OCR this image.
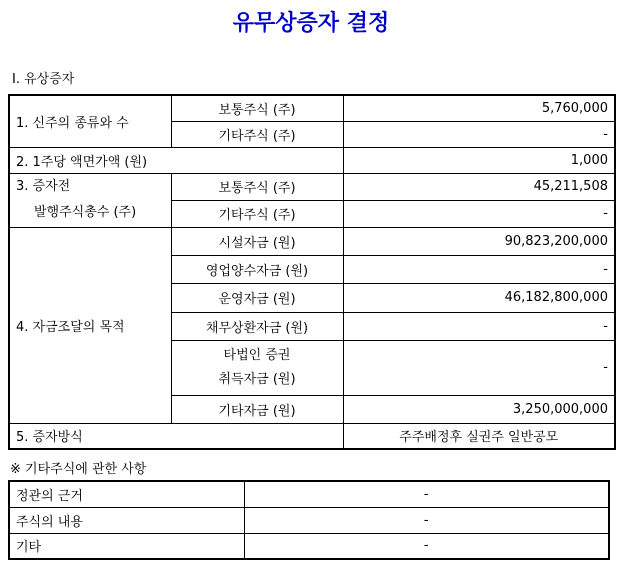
유무상증자 결정
Ⅰ. 유상증자
1. 신주의 종류와 수	보통주식 (주)	5,760,000
	기타주식 (주)	-
2. 1주당 액면가액 (원)		1,000

3. 증자전
발행주식총수 (주)	보통주식 (주)	45,211,508
	기타주식 (주)	-
4. 자금조달의 목적	시설자금 (원)	90,823,200,000
	영업양수자금 (원)	-
	운영자금 (원)	46,182,800,000
	채무상환자금 (원)	-

	타법인 증권
취득자금 (원)	-
	기타자금 (원)	3,250,000,000
5. 증자방식		주주배정후 실권주 일반공모
※ 기타주식에 관한 사항
정관의 근거	-
주식의 내용	-
기타	-
